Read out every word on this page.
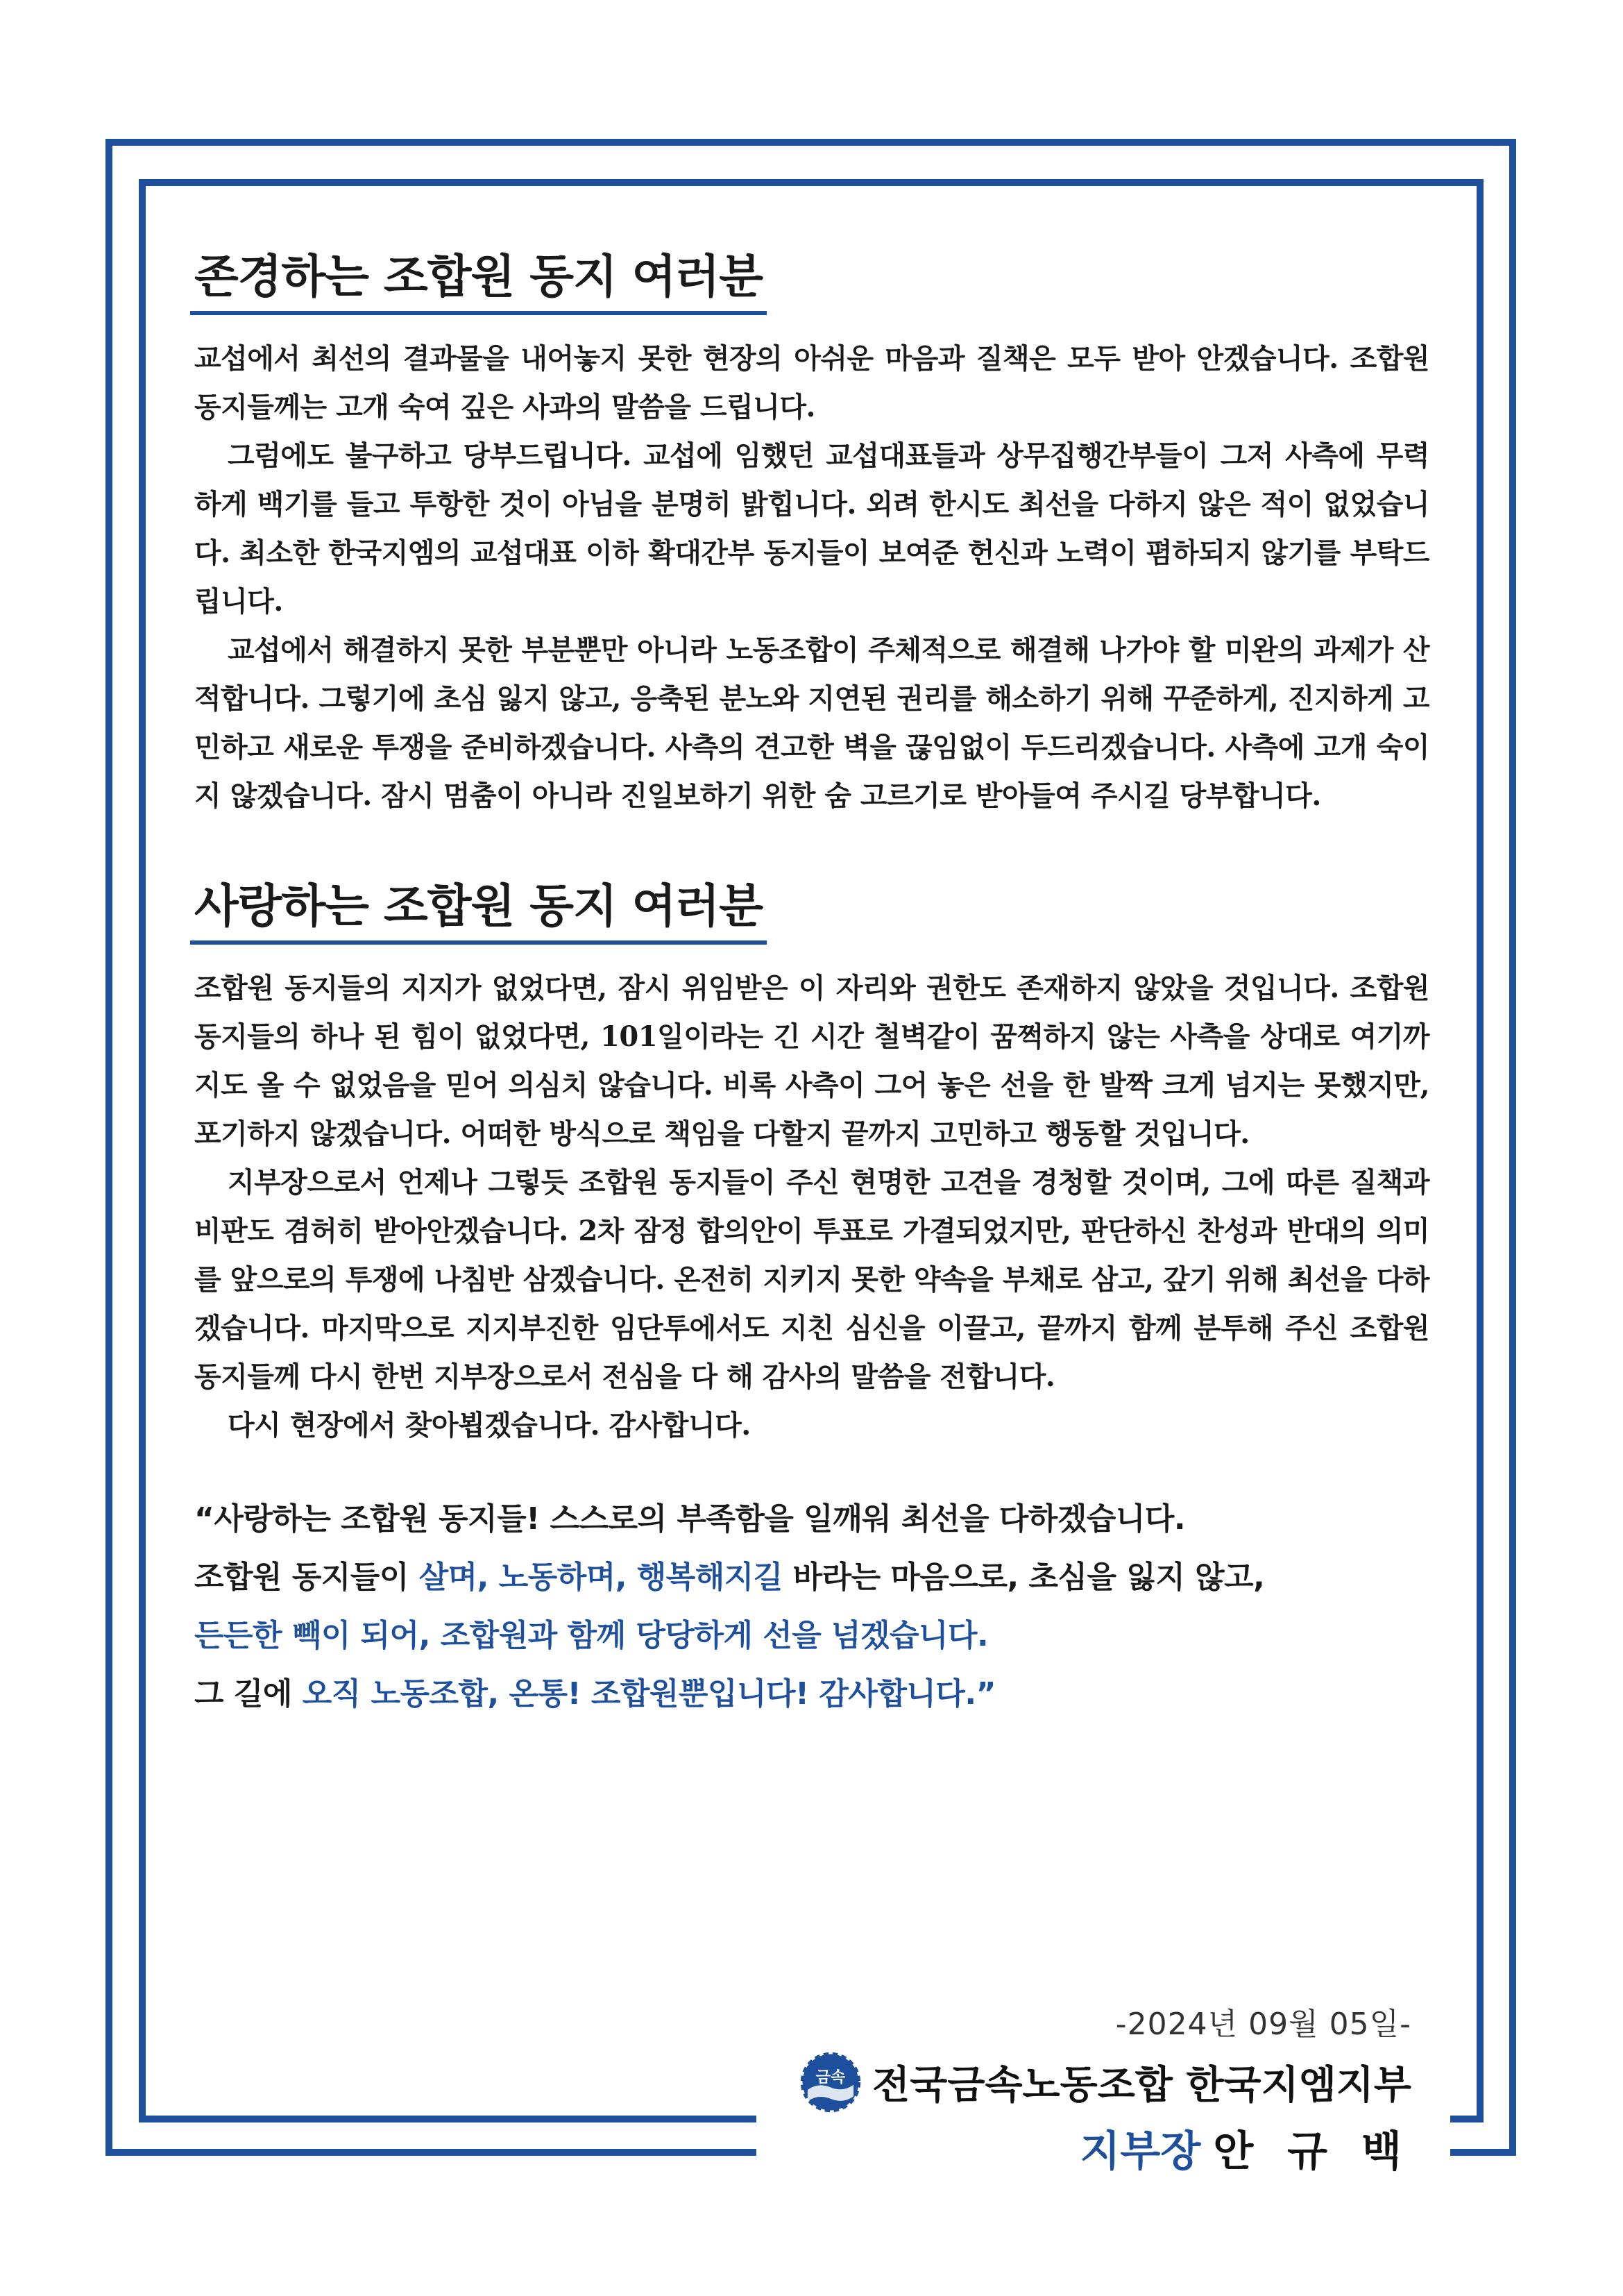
존경하는 조합원 동지 여러분

교섭에서 최선의 결과물을 내어놓지 못한 현장의 아쉬운 마음과 질책은 모두 받아 안겠습니다. 조합원 동지들께는 고개 숙여 깊은 사과의 말씀을 드립니다.

그럼에도 불구하고 당부드립니다. 교섭에 임했던 교섭대표들과 상무집행간부들이 그저 사측에 무력하게 백기를 들고 투항한 것이 아님을 분명히 밝힙니다. 외려 한시도 최선을 다하지 않은 적이 없었습니다. 최소한 한국지엠의 교섭대표 이하 확대간부 동지들이 보여준 헌신과 노력이 폄하되지 않기를 부탁드립니다.

교섭에서 해결하지 못한 부분뿐만 아니라 노동조합이 주체적으로 해결해 나가야 할 미완의 과제가 산적합니다. 그렇기에 초심 잃지 않고, 응축된 분노와 지연된 권리를 해소하기 위해 꾸준하게, 진지하게 고민하고 새로운 투쟁을 준비하겠습니다. 사측의 견고한 벽을 끊임없이 두드리겠습니다. 사측에 고개 숙이지 않겠습니다. 잠시 멈춤이 아니라 진일보하기 위한 숨 고르기로 받아들여 주시길 당부합니다.

사랑하는 조합원 동지 여러분

조합원 동지들의 지지가 없었다면, 잠시 위임받은 이 자리와 권한도 존재하지 않았을 것입니다. 조합원 동지들의 하나 된 힘이 없었다면, 101일이라는 긴 시간 철벽같이 꿈쩍하지 않는 사측을 상대로 여기까지도 올 수 없었음을 믿어 의심치 않습니다. 비록 사측이 그어 놓은 선을 한 발짝 크게 넘지는 못했지만, 포기하지 않겠습니다. 어떠한 방식으로 책임을 다할지 끝까지 고민하고 행동할 것입니다.

지부장으로서 언제나 그렇듯 조합원 동지들이 주신 현명한 고견을 경청할 것이며, 그에 따른 질책과 비판도 겸허히 받아안겠습니다. 2차 잠정 합의안이 투표로 가결되었지만, 판단하신 찬성과 반대의 의미를 앞으로의 투쟁에 나침반 삼겠습니다. 온전히 지키지 못한 약속을 부채로 삼고, 갚기 위해 최선을 다하겠습니다. 마지막으로 지지부진한 임단투에서도 지친 심신을 이끌고, 끝까지 함께 분투해 주신 조합원 동지들께 다시 한번 지부장으로서 전심을 다 해 감사의 말씀을 전합니다.

다시 현장에서 찾아뵙겠습니다. 감사합니다.

“사랑하는 조합원 동지들! 스스로의 부족함을 일깨워 최선을 다하겠습니다.
조합원 동지들이 살며, 노동하며, 행복해지길 바라는 마음으로, 초심을 잃지 않고,
든든한 빽이 되어, 조합원과 함께 당당하게 선을 넘겠습니다.
그 길에 오직 노동조합, 온통! 조합원뿐입니다! 감사합니다.”
-2024년 09월 05일-
금속 전국금속노동조합 한국지엠지부
지부장 안 규 백
